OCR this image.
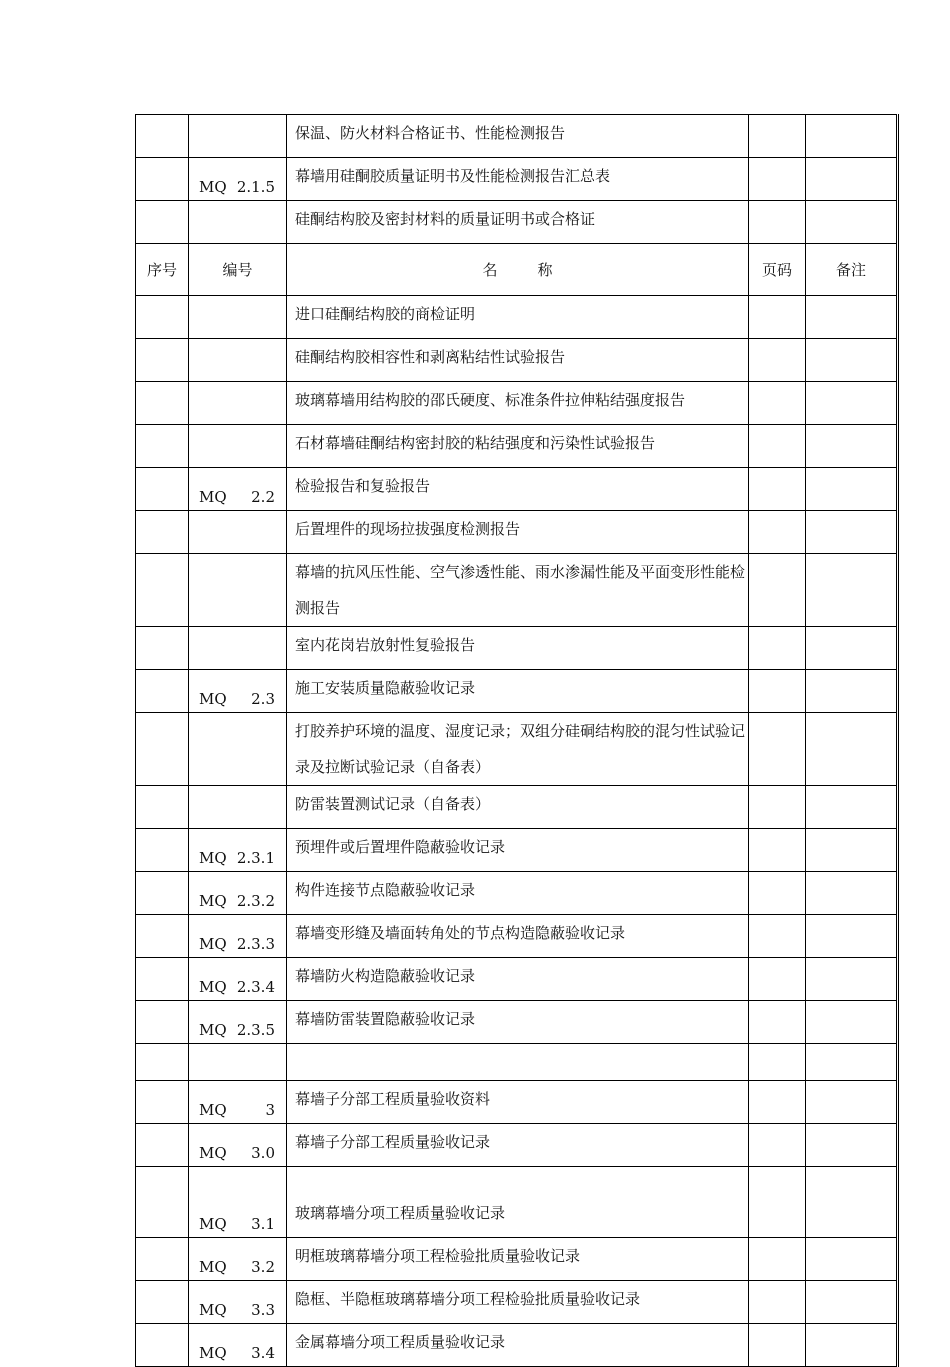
		保温、防火材料合格证书、性能检测报告		
	MQ 2.1.5	幕墙用硅酮胶质量证明书及性能检测报告汇总表		
		硅酮结构胶及密封材料的质量证明书或合格证		
序号	编号	名 称	页码	备注
		进口硅酮结构胶的商检证明		
		硅酮结构胶相容性和剥离粘结性试验报告		
		玻璃幕墙用结构胶的邵氏硬度、标准条件拉伸粘结强度报告		
		石材幕墙硅酮结构密封胶的粘结强度和污染性试验报告		
	MQ 2.2	检验报告和复验报告		
		后置埋件的现场拉拔强度检测报告		
		幕墙的抗风压性能、空气渗透性能、雨水渗漏性能及平面变形性能检测报告		
		室内花岗岩放射性复验报告		
	MQ 2.3	施工安装质量隐蔽验收记录		
		打胶养护环境的温度、湿度记录；双组分硅硐结构胶的混匀性试验记录及拉断试验记录（自备表）		
		防雷装置测试记录（自备表）		
	MQ 2.3.1	预埋件或后置埋件隐蔽验收记录		
	MQ 2.3.2	构件连接节点隐蔽验收记录		
	MQ 2.3.3	幕墙变形缝及墙面转角处的节点构造隐蔽验收记录		
	MQ 2.3.4	幕墙防火构造隐蔽验收记录		
	MQ 2.3.5	幕墙防雷装置隐蔽验收记录		

	MQ 3	幕墙子分部工程质量验收资料		
	MQ 3.0	幕墙子分部工程质量验收记录		
	MQ 3.1	玻璃幕墙分项工程质量验收记录		
	MQ 3.2	明框玻璃幕墙分项工程检验批质量验收记录		
	MQ 3.3	隐框、半隐框玻璃幕墙分项工程检验批质量验收记录		
	MQ 3.4	金属幕墙分项工程质量验收记录		
